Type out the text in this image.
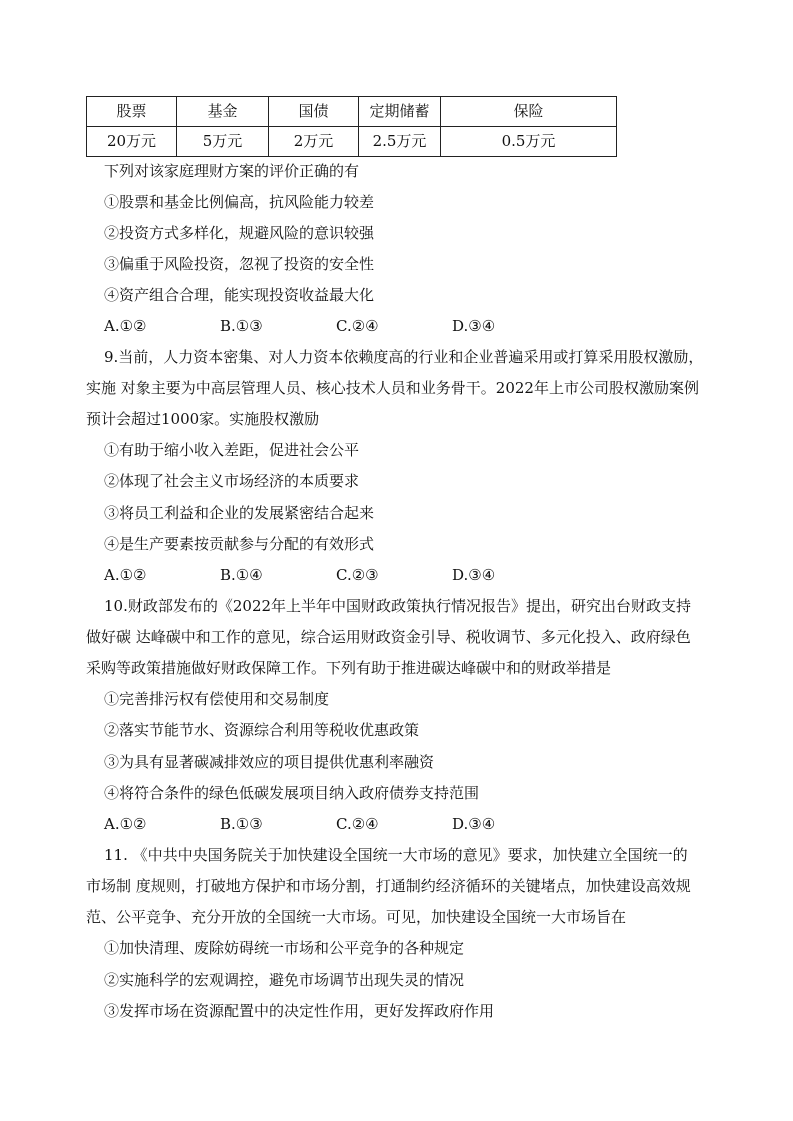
股票	基金	国债	定期储蓄	保险
20万元	5万元	2万元	2.5万元	0.5万元
下列对该家庭理财方案的评价正确的有
①股票和基金比例偏高，抗风险能力较差
②投资方式多样化，规避风险的意识较强
③偏重于风险投资，忽视了投资的安全性
④资产组合合理，能实现投资收益最大化
A.①②	B.①③	C.②④	D.③④
9.当前，人力资本密集、对人力资本依赖度高的行业和企业普遍采用或打算采用股权激励，
实施 对象主要为中高层管理人员、核心技术人员和业务骨干。2022年上市公司股权激励案例
预计会超过1000家。实施股权激励
①有助于缩小收入差距，促进社会公平
②体现了社会主义市场经济的本质要求
③将员工利益和企业的发展紧密结合起来
④是生产要素按贡献参与分配的有效形式
A.①②	B.①④	C.②③	D.③④
10.财政部发布的《2022年上半年中国财政政策执行情况报告》提出，研究出台财政支持
做好碳 达峰碳中和工作的意见，综合运用财政资金引导、税收调节、多元化投入、政府绿色
采购等政策措施做好财政保障工作。下列有助于推进碳达峰碳中和的财政举措是
①完善排污权有偿使用和交易制度
②落实节能节水、资源综合利用等税收优惠政策
③为具有显著碳减排效应的项目提供优惠利率融资
④将符合条件的绿色低碳发展项目纳入政府债券支持范围
A.①②	B.①③	C.②④	D.③④
11. 《中共中央国务院关于加快建设全国统一大市场的意见》要求，加快建立全国统一的
市场制 度规则，打破地方保护和市场分割，打通制约经济循环的关键堵点，加快建设高效规
范、公平竞争、充分开放的全国统一大市场。可见，加快建设全国统一大市场旨在
①加快清理、废除妨碍统一市场和公平竞争的各种规定
②实施科学的宏观调控，避免市场调节出现失灵的情况
③发挥市场在资源配置中的决定性作用，更好发挥政府作用
